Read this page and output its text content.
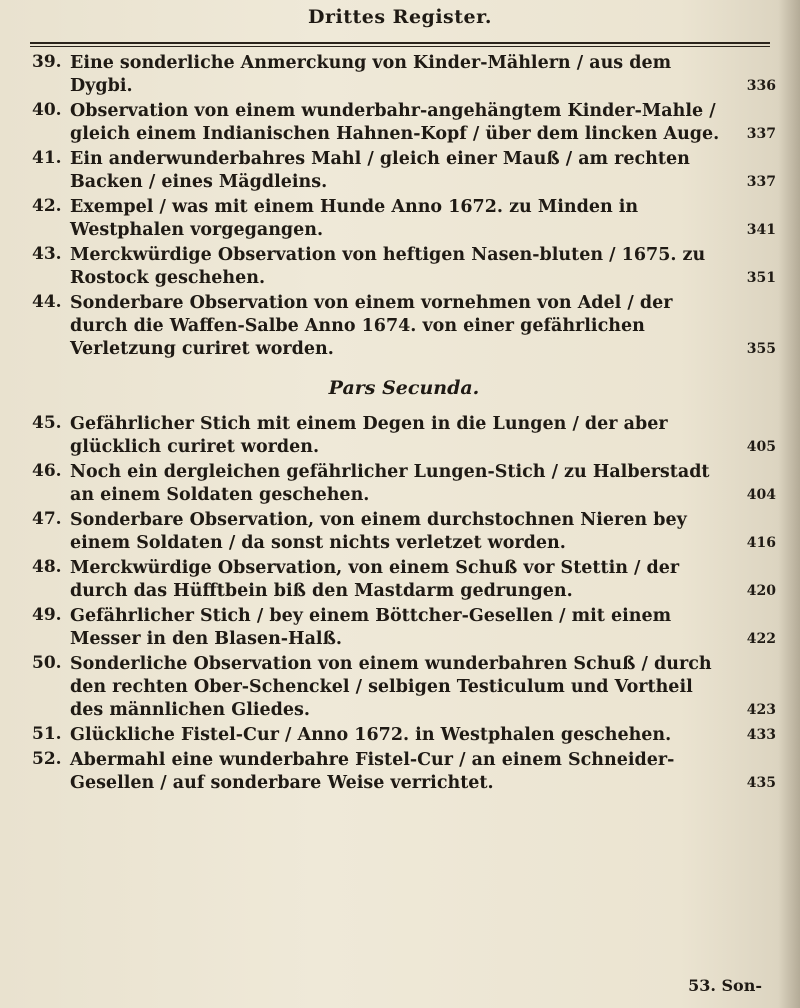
Drittes Register.
39. Eine sonderliche Anmerckung von Kinder-Mählern / aus dem Dygbi.	336
40. Observation von einem wunderbahr-angehängtem Kinder-Mahle / gleich einem Indianischen Hahnen-Kopf / über dem lincken Auge.	337
41. Ein anderwunderbahres Mahl / gleich einer Mauß / am rechten Backen / eines Mägdleins.	337
42. Exempel / was mit einem Hunde Anno 1672. zu Minden in Westphalen vorgegangen.	341
43. Merckwürdige Observation von heftigen Nasen-bluten / 1675. zu Rostock geschehen.	351
44. Sonderbare Observation von einem vornehmen von Adel / der durch die Waffen-Salbe Anno 1674. von einer gefährlichen Verletzung curiret worden.	355
Pars Secunda.
45. Gefährlicher Stich mit einem Degen in die Lungen / der aber glücklich curiret worden.	405
46. Noch ein dergleichen gefährlicher Lungen-Stich / zu Halberstadt an einem Soldaten geschehen.	404
47. Sonderbare Observation, von einem durchstochnen Nieren bey einem Soldaten / da sonst nichts verletzet worden.	416
48. Merckwürdige Observation, von einem Schuß vor Stettin / der durch das Hüfftbein biß den Mastdarm gedrungen.	420
49. Gefährlicher Stich / bey einem Böttcher-Gesellen / mit einem Messer in den Blasen-Halß.	422
50. Sonderliche Observation von einem wunderbahren Schuß / durch den rechten Ober-Schenckel / selbigen Testiculum und Vortheil des männlichen Gliedes.	423
51. Glückliche Fistel-Cur / Anno 1672. in Westphalen geschehen.	433
52. Abermahl eine wunderbahre Fistel-Cur / an einem Schneider-Gesellen / auf sonderbare Weise verrichtet.	435
53. Son-
